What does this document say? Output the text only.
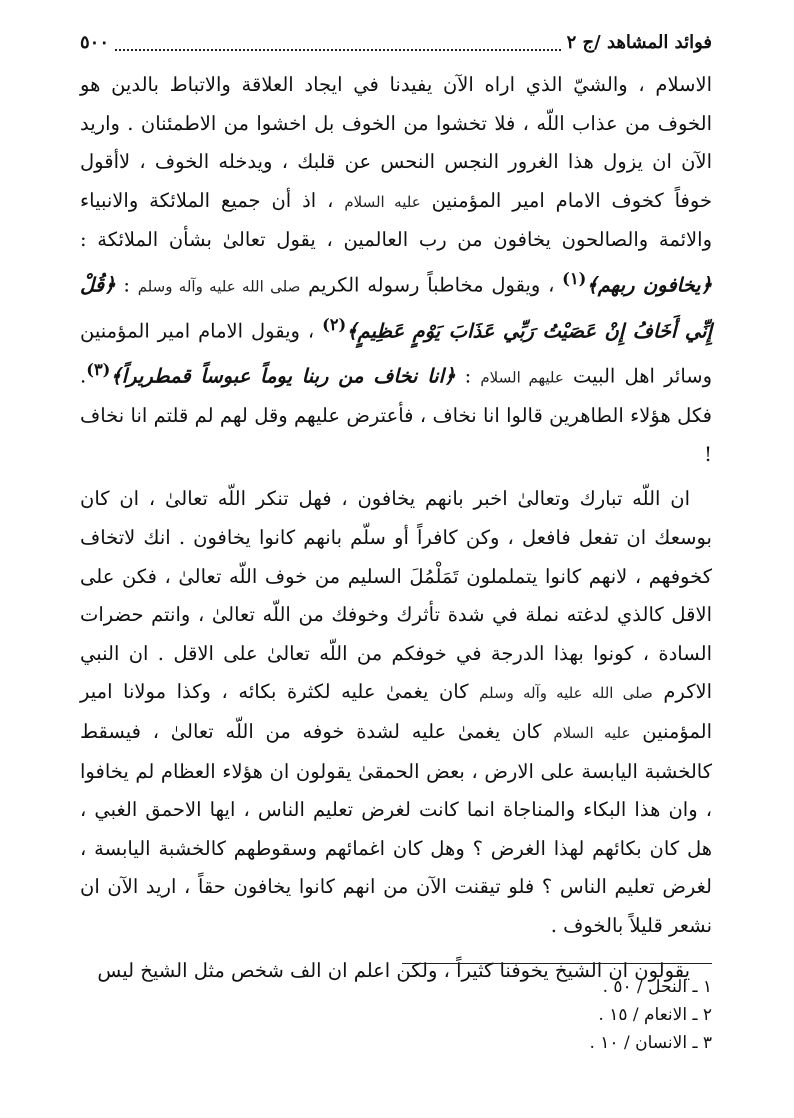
٥٠٠	فوائد المشاهد /ج ٢

الاسلام ، والشيّ الذي اراه الآن يفيدنا في ايجاد العلاقة والاتباط بالدين هو الخوف من عذاب اللّه ، فلا تخشوا من الخوف بل اخشوا من الاطمئنان . واريد الآن ان يزول هذا الغرور النجس النحس عن قلبك ، ويدخله الخوف ، لاأقول خوفاً كخوف الامام امير المؤمنين عليه السلام ، اذ أن جميع الملائكة والانبياء والائمة والصالحون يخافون من رب العالمين ، يقول تعالىٰ بشأن الملائكة : ﴿يخافون ربهم﴾$^{(١)}$ ، ويقول مخاطباً رسوله الكريم صلى الله عليه وآله وسلم : ﴿قُلْ إِنِّي أَخَافُ إِنْ عَصَيْتُ رَبِّي عَذَابَ يَوْمٍ عَظِيمٍ﴾$^{(٢)}$ ، ويقول الامام امير المؤمنين وسائر اهل البيت عليهم السلام : ﴿انا نخاف من ربنا يوماً عبوساً قمطريراً﴾$^{(٣)}$. فكل هؤلاء الطاهرين قالوا انا نخاف ، فأعترض عليهم وقل لهم لم قلتم انا نخاف !

ان اللّه تبارك وتعالىٰ اخبر بانهم يخافون ، فهل تنكر اللّه تعالىٰ ، ان كان بوسعك ان تفعل فافعل ، وكن كافراً أو سلّم بانهم كانوا يخافون . انك لاتخاف كخوفهم ، لانهم كانوا يتململون تَمَلْمُلَ السليم من خوف اللّه تعالىٰ ، فكن على الاقل كالذي لدغته نملة في شدة تأثرك وخوفك من اللّه تعالىٰ ، وانتم حضرات السادة ، كونوا بهذا الدرجة في خوفكم من اللّه تعالىٰ على الاقل . ان النبي الاكرم صلى الله عليه وآله وسلم كان يغمىٰ عليه لكثرة بكائه ، وكذا مولانا امير المؤمنين عليه السلام كان يغمىٰ عليه لشدة خوفه من اللّه تعالىٰ ، فيسقط كالخشبة اليابسة على الارض ، بعض الحمقىٰ يقولون ان هؤلاء العظام لم يخافوا ، وان هذا البكاء والمناجاة انما كانت لغرض تعليم الناس ، ايها الاحمق الغبي ، هل كان بكائهم لهذا الغرض ؟ وهل كان اغمائهم وسقوطهم كالخشبة اليابسة ، لغرض تعليم الناس ؟ فلو تيقنت الآن من انهم كانوا يخافون حقاً ، اريد الآن ان نشعر قليلاً بالخوف .

يقولون ان الشيخ يخوفنا كثيراً ، ولكن اعلم ان الف شخص مثل الشيخ ليس

١ ـ النحل / ٥٠ .
٢ ـ الانعام / ١٥ .
٣ ـ الانسان / ١٠ .
